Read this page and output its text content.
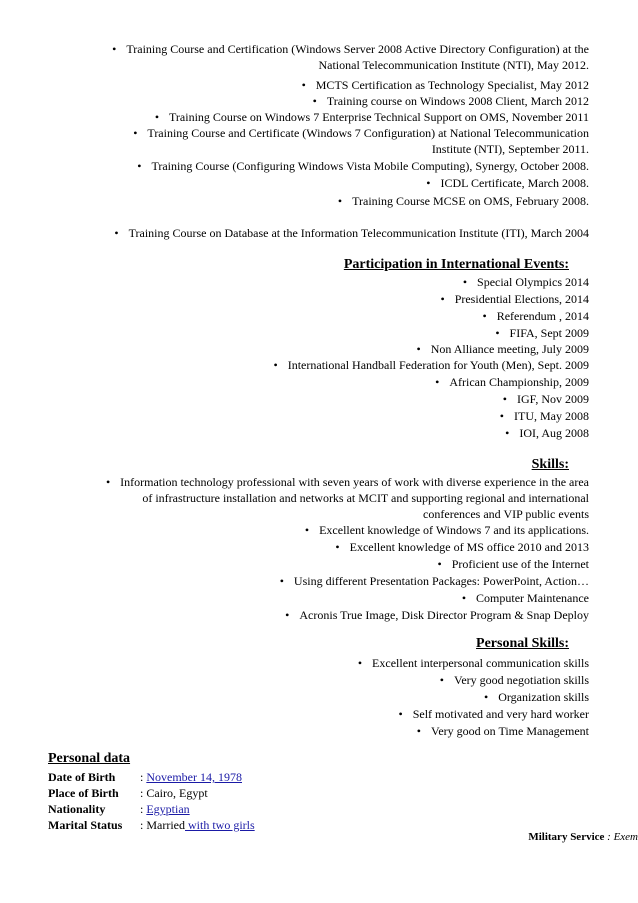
• Training Course and Certification (Windows Server 2008 Active Directory Configuration) at the
National Telecommunication Institute (NTI), May 2012.
• MCTS Certification as Technology Specialist, May 2012
• Training course on Windows 2008 Client, March 2012
• Training Course on Windows 7 Enterprise Technical Support on OMS, November 2011
• Training Course and Certificate (Windows 7 Configuration) at National Telecommunication
Institute (NTI), September 2011.
• Training Course (Configuring Windows Vista Mobile Computing), Synergy, October 2008.
• ICDL Certificate, March 2008.
• Training Course MCSE on OMS, February 2008.
• Training Course on Database at the Information Telecommunication Institute (ITI), March 2004
Participation in International Events:
• Special Olympics 2014
• Presidential Elections, 2014
• Referendum , 2014
• FIFA, Sept 2009
• Non Alliance meeting, July 2009
• International Handball Federation for Youth (Men), Sept. 2009
• African Championship, 2009
• IGF, Nov 2009
• ITU, May 2008
• IOI, Aug 2008
Skills:
• Information technology professional with seven years of work with diverse experience in the area
of infrastructure installation and networks at MCIT and supporting regional and international
conferences and VIP public events
• Excellent knowledge of Windows 7 and its applications.
• Excellent knowledge of MS office 2010 and 2013
• Proficient use of the Internet
• Using different Presentation Packages: PowerPoint, Action…
• Computer Maintenance
• Acronis True Image, Disk Director Program & Snap Deploy
Personal Skills:
• Excellent interpersonal communication skills
• Very good negotiation skills
• Organization skills
• Self motivated and very hard worker
• Very good on Time Management
Personal data
Date of Birth : November 14, 1978
Place of Birth : Cairo, Egypt
Nationality	: Egyptian
Marital Status : Married with two girls
Military Service : Exem
